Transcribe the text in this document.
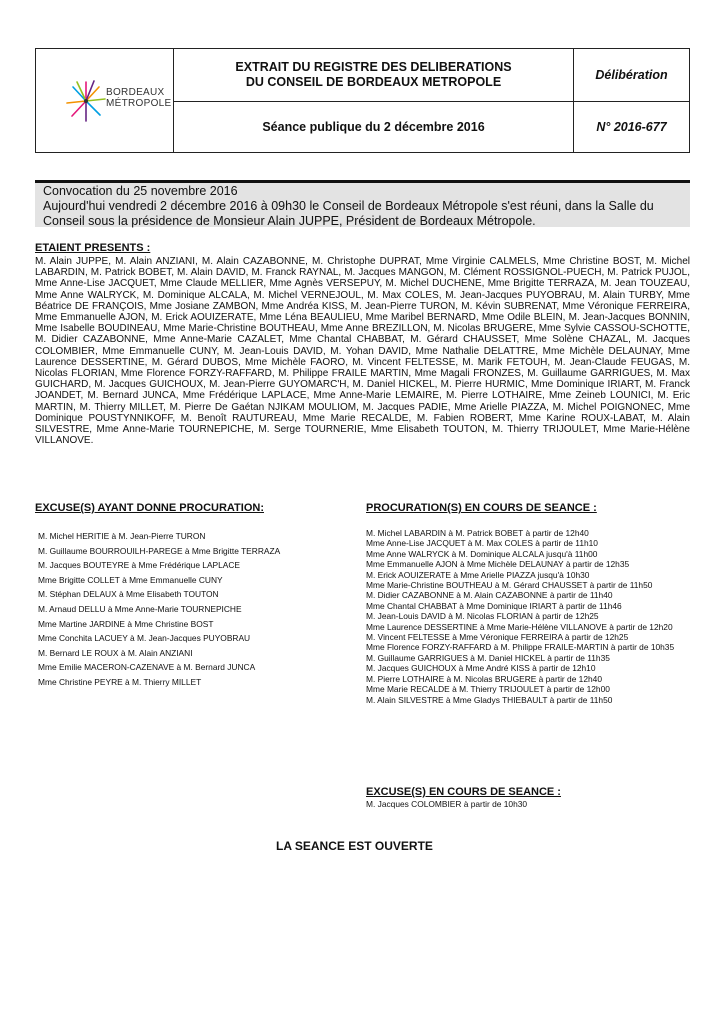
BORDEAUX
MÉTROPOLE
EXTRAIT DU REGISTRE DES DELIBERATIONS
DU CONSEIL DE BORDEAUX METROPOLE	Délibération
Séance publique du 2 décembre 2016	N° 2016-677
Convocation du 25 novembre 2016
Aujourd'hui vendredi 2 décembre 2016 à 09h30 le Conseil de Bordeaux Métropole s'est réuni, dans la Salle du Conseil sous la présidence de Monsieur Alain JUPPE, Président de Bordeaux Métropole.
ETAIENT PRESENTS :
M. Alain JUPPE, M. Alain ANZIANI, M. Alain CAZABONNE, M. Christophe DUPRAT, Mme Virginie CALMELS, Mme Christine BOST, M. Michel LABARDIN, M. Patrick BOBET, M. Alain DAVID, M. Franck RAYNAL, M. Jacques MANGON, M. Clément ROSSIGNOL-PUECH, M. Patrick PUJOL, Mme Anne-Lise JACQUET, Mme Claude MELLIER, Mme Agnès VERSEPUY, M. Michel DUCHENE, Mme Brigitte TERRAZA, M. Jean TOUZEAU, Mme Anne WALRYCK, M. Dominique ALCALA, M. Michel VERNEJOUL, M. Max COLES, M. Jean-Jacques PUYOBRAU, M. Alain TURBY, Mme Béatrice DE FRANÇOIS, Mme Josiane ZAMBON, Mme Andréa KISS, M. Jean-Pierre TURON, M. Kévin SUBRENAT, Mme Véronique FERREIRA, Mme Emmanuelle AJON, M. Erick AOUIZERATE, Mme Léna BEAULIEU, Mme Maribel BERNARD, Mme Odile BLEIN, M. Jean-Jacques BONNIN, Mme Isabelle BOUDINEAU, Mme Marie-Christine BOUTHEAU, Mme Anne BREZILLON, M. Nicolas BRUGERE, Mme Sylvie CASSOU-SCHOTTE, M. Didier CAZABONNE, Mme Anne-Marie CAZALET, Mme Chantal CHABBAT, M. Gérard CHAUSSET, Mme Solène CHAZAL, M. Jacques COLOMBIER, Mme Emmanuelle CUNY, M. Jean-Louis DAVID, M. Yohan DAVID, Mme Nathalie DELATTRE, Mme Michèle DELAUNAY, Mme Laurence DESSERTINE, M. Gérard DUBOS, Mme Michèle FAORO, M. Vincent FELTESSE, M. Marik FETOUH, M. Jean-Claude FEUGAS, M. Nicolas FLORIAN, Mme Florence FORZY-RAFFARD, M. Philippe FRAILE MARTIN, Mme Magali FRONZES, M. Guillaume GARRIGUES, M. Max GUICHARD, M. Jacques GUICHOUX, M. Jean-Pierre GUYOMARC'H, M. Daniel HICKEL, M. Pierre HURMIC, Mme Dominique IRIART, M. Franck JOANDET, M. Bernard JUNCA, Mme Frédérique LAPLACE, Mme Anne-Marie LEMAIRE, M. Pierre LOTHAIRE, Mme Zeineb LOUNICI, M. Eric MARTIN, M. Thierry MILLET, M. Pierre De Gaétan NJIKAM MOULIOM, M. Jacques PADIE, Mme Arielle PIAZZA, M. Michel POIGNONEC, Mme Dominique POUSTYNNIKOFF, M. Benoît RAUTUREAU, Mme Marie RECALDE, M. Fabien ROBERT, Mme Karine ROUX-LABAT, M. Alain SILVESTRE, Mme Anne-Marie TOURNEPICHE, M. Serge TOURNERIE, Mme Elisabeth TOUTON, M. Thierry TRIJOULET, Mme Marie-Hélène VILLANOVE.
EXCUSE(S) AYANT DONNE PROCURATION:
M. Michel HERITIE à M. Jean-Pierre TURON
M. Guillaume BOURROUILH-PAREGE à Mme Brigitte TERRAZA
M. Jacques BOUTEYRE à Mme Frédérique LAPLACE
Mme Brigitte COLLET à Mme Emmanuelle CUNY
M. Stéphan DELAUX à Mme Elisabeth TOUTON
M. Arnaud DELLU à Mme Anne-Marie TOURNEPICHE
Mme Martine JARDINE à Mme Christine BOST
Mme Conchita LACUEY à M. Jean-Jacques PUYOBRAU
M. Bernard LE ROUX à M. Alain ANZIANI
Mme Emilie MACERON-CAZENAVE à M. Bernard JUNCA
Mme Christine PEYRE à M. Thierry MILLET
PROCURATION(S) EN COURS DE SEANCE :
M. Michel LABARDIN à M. Patrick BOBET à partir de 12h40
Mme Anne-Lise JACQUET à M. Max COLES à partir de 11h10
Mme Anne WALRYCK à M. Dominique ALCALA jusqu'à 11h00
Mme Emmanuelle AJON à Mme Michèle DELAUNAY à partir de 12h35
M. Erick AOUIZERATE à Mme Arielle PIAZZA jusqu'à 10h30
Mme Marie-Christine BOUTHEAU à M. Gérard CHAUSSET à partir de 11h50
M. Didier CAZABONNE à M. Alain CAZABONNE à partir de 11h40
Mme Chantal CHABBAT à Mme Dominique IRIART à partir de 11h46
M. Jean-Louis DAVID à M. Nicolas FLORIAN à partir de 12h25
Mme Laurence DESSERTINE à Mme Marie-Hélène VILLANOVE à partir de 12h20
M. Vincent FELTESSE à Mme Véronique FERREIRA à partir de 12h25
Mme Florence FORZY-RAFFARD à M. Philippe FRAILE-MARTIN à partir de 10h35
M. Guillaume GARRIGUES à M. Daniel HICKEL à partir de 11h35
M. Jacques GUICHOUX à Mme André KISS à partir de 12h10
M. Pierre LOTHAIRE à M. Nicolas BRUGERE à partir de 12h40
Mme Marie RECALDE à M. Thierry TRIJOULET à partir de 12h00
M. Alain SILVESTRE à Mme Gladys THIEBAULT à partir de 11h50
EXCUSE(S) EN COURS DE SEANCE :
M. Jacques COLOMBIER à partir de 10h30
LA SEANCE EST OUVERTE
